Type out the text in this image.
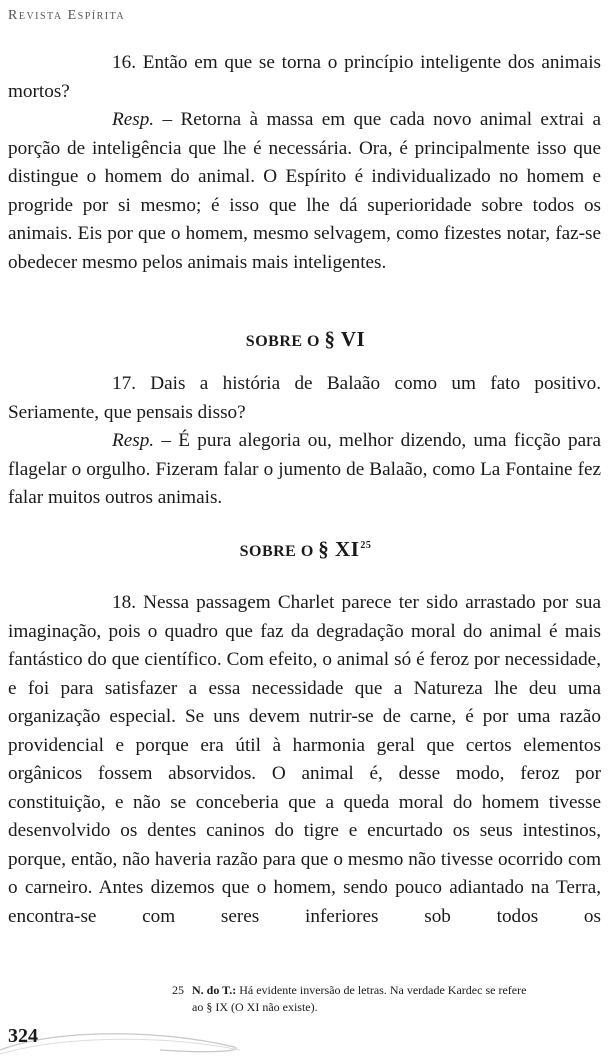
Revista Espírita

16. Então em que se torna o princípio inteligente dos animais mortos?

Resp. – Retorna à massa em que cada novo animal extrai a porção de inteligência que lhe é necessária. Ora, é principalmente isso que distingue o homem do animal. O Espírito é individualizado no homem e progride por si mesmo; é isso que lhe dá superioridade sobre todos os animais. Eis por que o homem, mesmo selvagem, como fizestes notar, faz-se obedecer mesmo pelos animais mais inteligentes.

SOBRE O § VI

17. Dais a história de Balaão como um fato positivo. Seriamente, que pensais disso?

Resp. – É pura alegoria ou, melhor dizendo, uma ficção para flagelar o orgulho. Fizeram falar o jumento de Balaão, como La Fontaine fez falar muitos outros animais.

SOBRE O § XI$^{25}$

18. Nessa passagem Charlet parece ter sido arrastado por sua imaginação, pois o quadro que faz da degradação moral do animal é mais fantástico do que científico. Com efeito, o animal só é feroz por necessidade, e foi para satisfazer a essa necessidade que a Natureza lhe deu uma organização especial. Se uns devem nutrir-se de carne, é por uma razão providencial e porque era útil à harmonia geral que certos elementos orgânicos fossem absorvidos. O animal é, desse modo, feroz por constituição, e não se conceberia que a queda moral do homem tivesse desenvolvido os dentes caninos do tigre e encurtado os seus intestinos, porque, então, não haveria razão para que o mesmo não tivesse ocorrido com o carneiro. Antes dizemos que o homem, sendo pouco adiantado na Terra, encontra-se com seres inferiores sob todos os

25 N. do T.: Há evidente inversão de letras. Na verdade Kardec se refere
ao § IX (O XI não existe).
324
